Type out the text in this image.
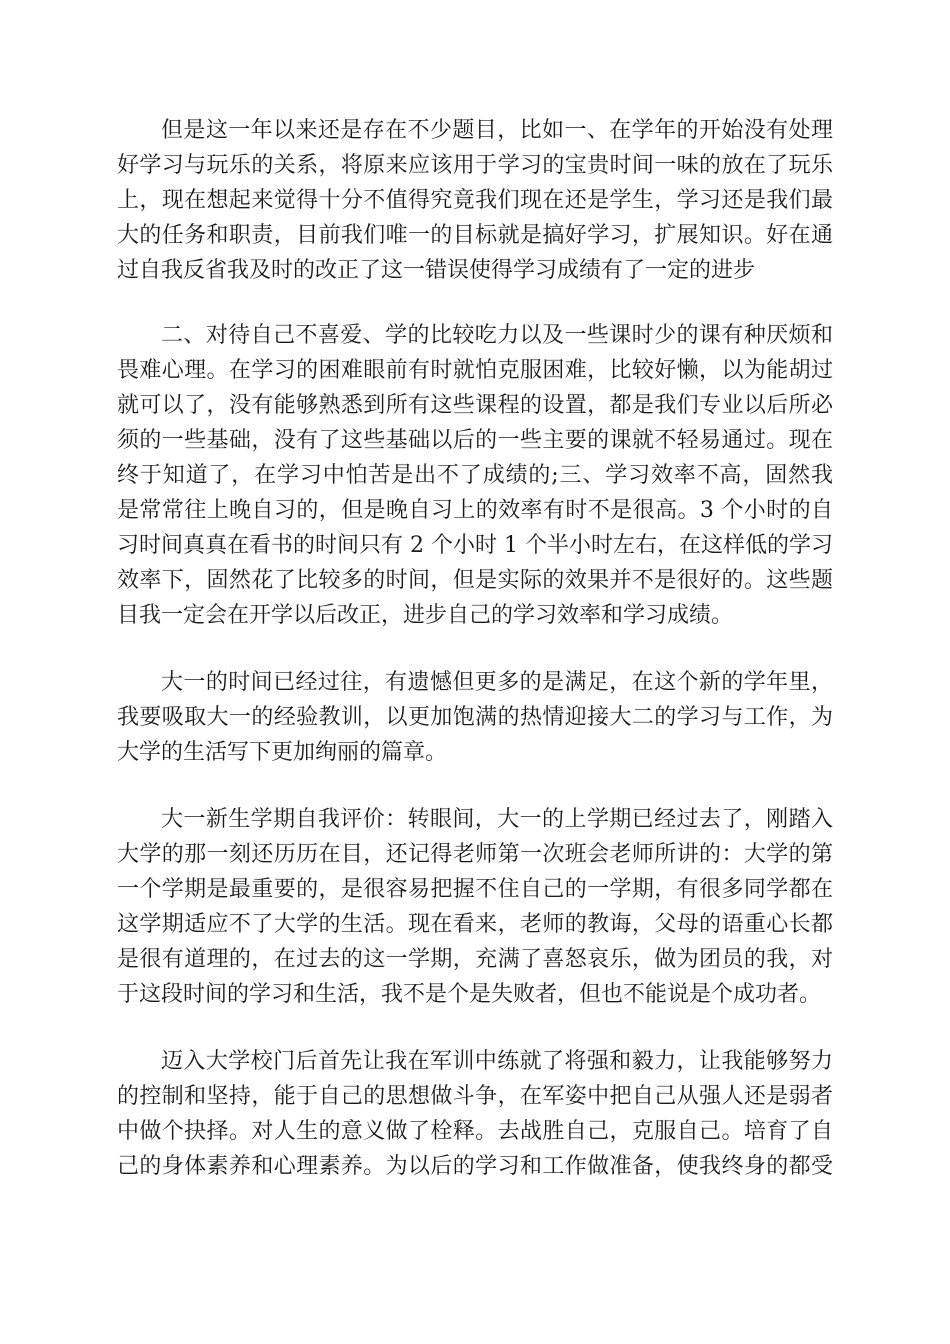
但是这一年以来还是存在不少题目，比如一、在学年的开始没有处理
好学习与玩乐的关系，将原来应该用于学习的宝贵时间一味的放在了玩乐
上，现在想起来觉得十分不值得究竟我们现在还是学生，学习还是我们最
大的任务和职责，目前我们唯一的目标就是搞好学习，扩展知识。好在通
过自我反省我及时的改正了这一错误使得学习成绩有了一定的进步
二、对待自己不喜爱、学的比较吃力以及一些课时少的课有种厌烦和
畏难心理。在学习的困难眼前有时就怕克服困难，比较好懒，以为能胡过
就可以了，没有能够熟悉到所有这些课程的设置，都是我们专业以后所必
须的一些基础，没有了这些基础以后的一些主要的课就不轻易通过。现在
终于知道了，在学习中怕苦是出不了成绩的;三、学习效率不高，固然我
是常常往上晚自习的，但是晚自习上的效率有时不是很高。3 个小时的自
习时间真真在看书的时间只有 2 个小时 1 个半小时左右，在这样低的学习
效率下，固然花了比较多的时间，但是实际的效果并不是很好的。这些题
目我一定会在开学以后改正，进步自己的学习效率和学习成绩。
大一的时间已经过往，有遗憾但更多的是满足，在这个新的学年里，
我要吸取大一的经验教训，以更加饱满的热情迎接大二的学习与工作，为
大学的生活写下更加绚丽的篇章。
大一新生学期自我评价：转眼间，大一的上学期已经过去了，刚踏入
大学的那一刻还历历在目，还记得老师第一次班会老师所讲的：大学的第
一个学期是最重要的，是很容易把握不住自己的一学期，有很多同学都在
这学期适应不了大学的生活。现在看来，老师的教诲，父母的语重心长都
是很有道理的，在过去的这一学期，充满了喜怒哀乐，做为团员的我，对
于这段时间的学习和生活，我不是个是失败者，但也不能说是个成功者。
迈入大学校门后首先让我在军训中练就了将强和毅力，让我能够努力
的控制和坚持，能于自己的思想做斗争，在军姿中把自己从强人还是弱者
中做个抉择。对人生的意义做了栓释。去战胜自己，克服自己。培育了自
己的身体素养和心理素养。为以后的学习和工作做准备，使我终身的都受
